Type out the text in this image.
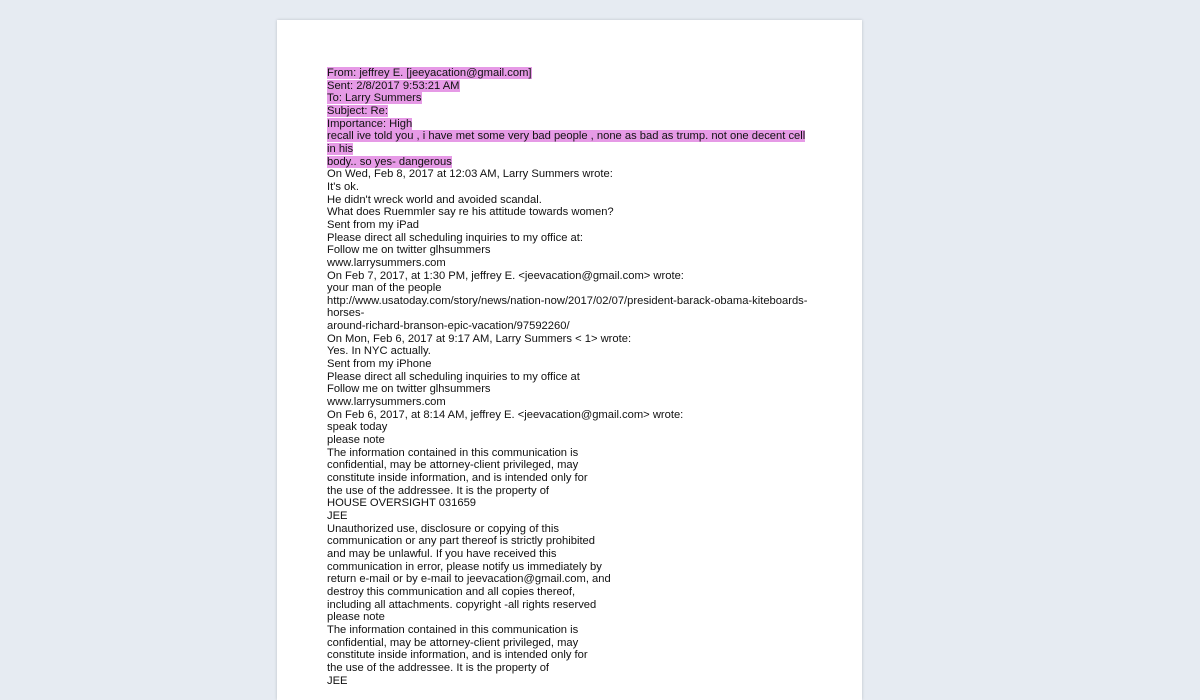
From: jeffrey E. [jeeyacation@gmail.com]
Sent: 2/8/2017 9:53:21 AM
To: Larry Summers
Subject: Re:
Importance: High
recall ive told you , i have met some very bad people , none as bad as trump. not one decent cell
in his
body.. so yes- dangerous
On Wed, Feb 8, 2017 at 12:03 AM, Larry Summers wrote:
It's ok.
He didn't wreck world and avoided scandal.
What does Ruemmler say re his attitude towards women?
Sent from my iPad
Please direct all scheduling inquiries to my office at:
Follow me on twitter glhsummers
www.larrysummers.com
On Feb 7, 2017, at 1:30 PM, jeffrey E. <jeevacation@gmail.com> wrote:
your man of the people
http://www.usatoday.com/story/news/nation-now/2017/02/07/president-barack-obama-kiteboards-
horses-
around-richard-branson-epic-vacation/97592260/
On Mon, Feb 6, 2017 at 9:17 AM, Larry Summers < 1> wrote:
Yes. In NYC actually.
Sent from my iPhone
Please direct all scheduling inquiries to my office at
Follow me on twitter glhsummers
www.larrysummers.com
On Feb 6, 2017, at 8:14 AM, jeffrey E. <jeevacation@gmail.com> wrote:
speak today
please note
The information contained in this communication is
confidential, may be attorney-client privileged, may
constitute inside information, and is intended only for
the use of the addressee. It is the property of
HOUSE OVERSIGHT 031659
JEE
Unauthorized use, disclosure or copying of this
communication or any part thereof is strictly prohibited
and may be unlawful. If you have received this
communication in error, please notify us immediately by
return e-mail or by e-mail to jeevacation@gmail.com, and
destroy this communication and all copies thereof,
including all attachments. copyright -all rights reserved
please note
The information contained in this communication is
confidential, may be attorney-client privileged, may
constitute inside information, and is intended only for
the use of the addressee. It is the property of
JEE
